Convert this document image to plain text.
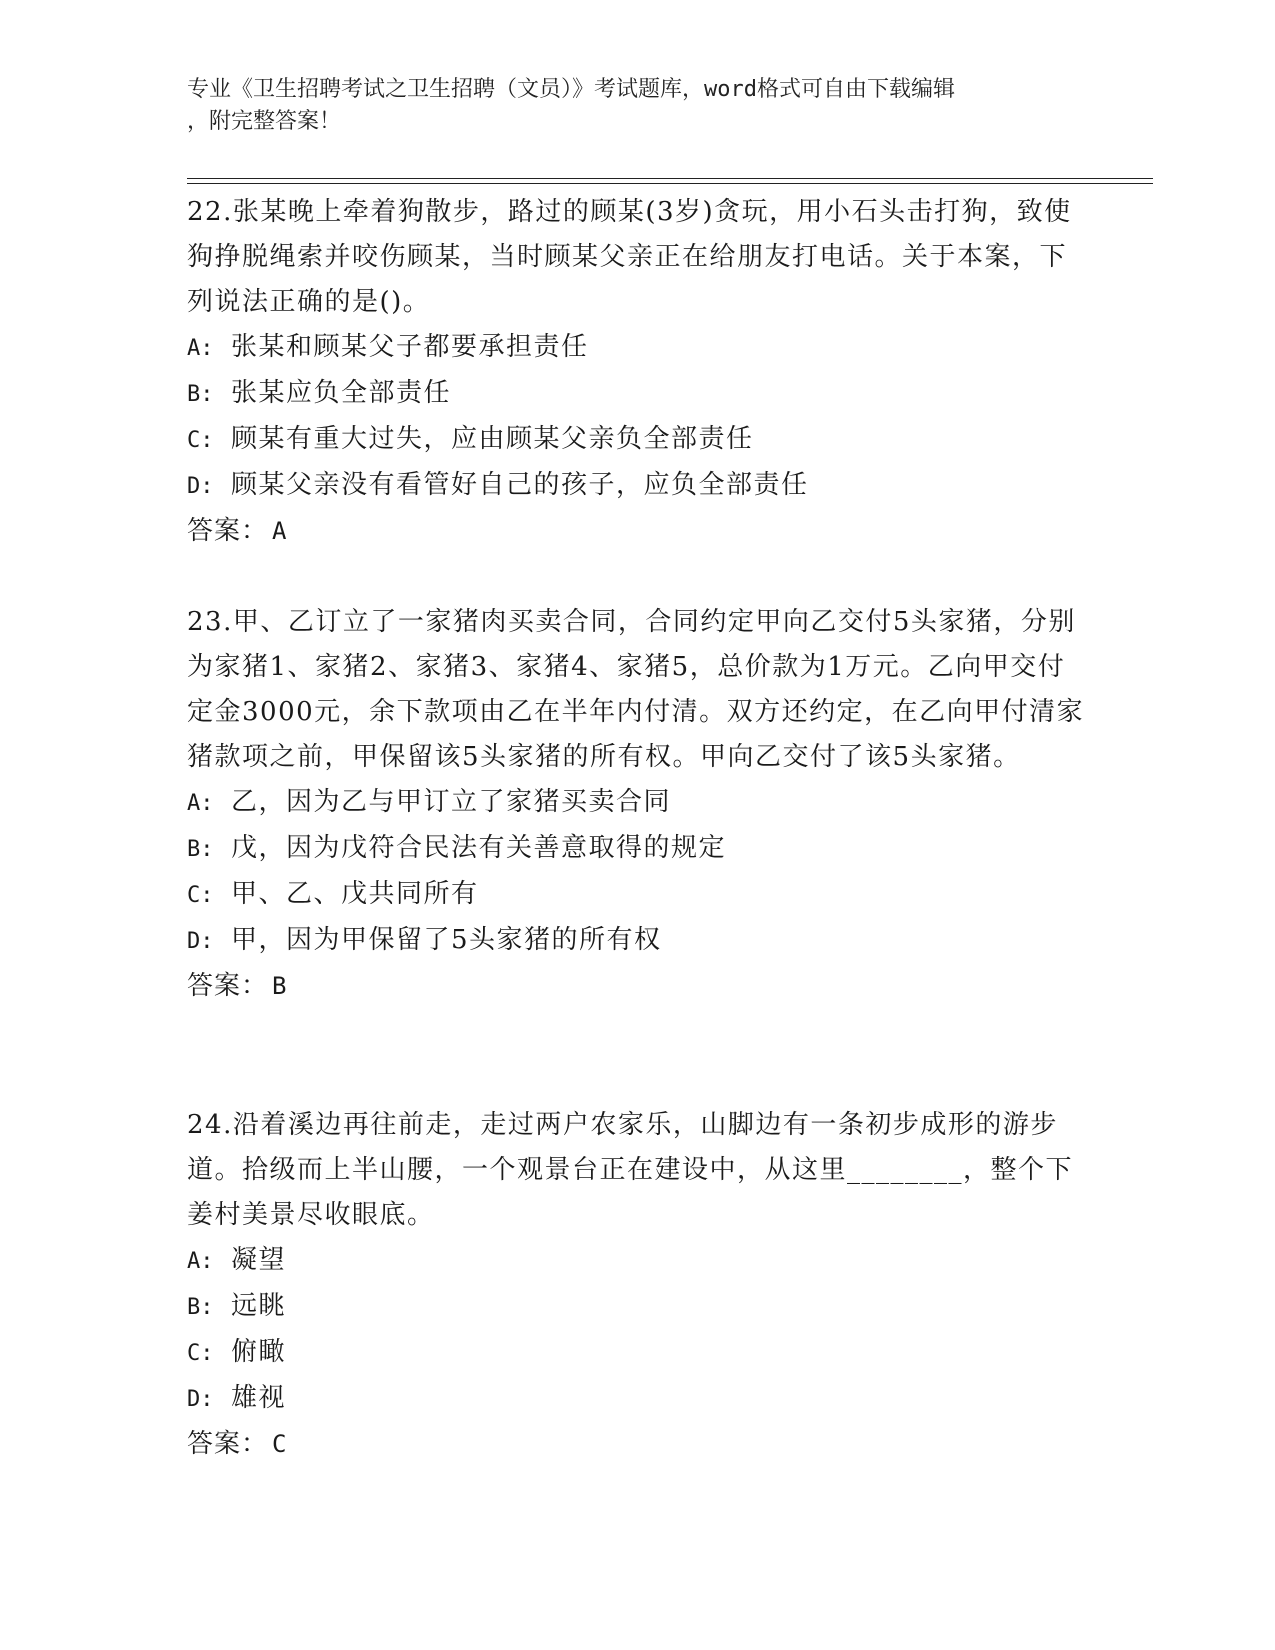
专业《卫生招聘考试之卫生招聘（文员）》考试题库，word格式可自由下载编辑
，附完整答案！

22.张某晚上牵着狗散步，路过的顾某(3岁)贪玩，用小石头击打狗，致使狗挣脱绳索并咬伤顾某，当时顾某父亲正在给朋友打电话。关于本案，下列说法正确的是()。

A: 张某和顾某父子都要承担责任

B: 张某应负全部责任

C: 顾某有重大过失，应由顾某父亲负全部责任

D: 顾某父亲没有看管好自己的孩子，应负全部责任

答案： A

23.甲、乙订立了一家猪肉买卖合同，合同约定甲向乙交付5头家猪，分别为家猪1、家猪2、家猪3、家猪4、家猪5，总价款为1万元。乙向甲交付定金3000元，余下款项由乙在半年内付清。双方还约定，在乙向甲付清家猪款项之前，甲保留该5头家猪的所有权。甲向乙交付了该5头家猪。

A: 乙，因为乙与甲订立了家猪买卖合同

B: 戊，因为戊符合民法有关善意取得的规定

C: 甲、乙、戊共同所有

D: 甲，因为甲保留了5头家猪的所有权

答案： B

24.沿着溪边再往前走，走过两户农家乐，山脚边有一条初步成形的游步道。拾级而上半山腰，一个观景台正在建设中，从这里________，整个下姜村美景尽收眼底。

A: 凝望

B: 远眺

C: 俯瞰

D: 雄视

答案： C
